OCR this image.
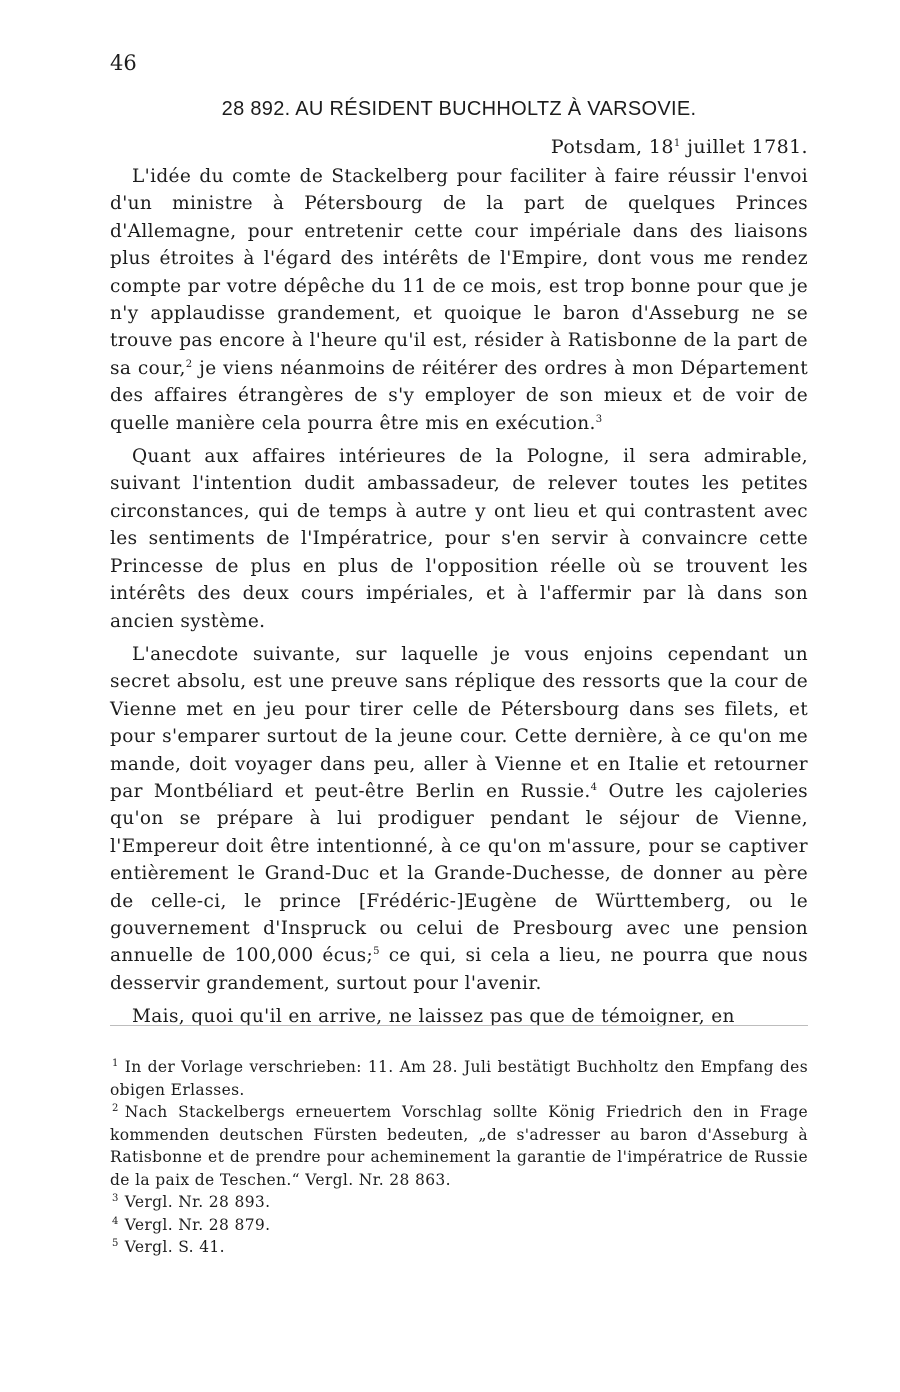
46
28 892. AU RÉSIDENT BUCHHOLTZ À VARSOVIE.
Potsdam, $18^1$ juillet 1781.

L'idée du comte de Stackelberg pour faciliter à faire réussir l'envoi d'un ministre à Pétersbourg de la part de quelques Princes d'Allemagne, pour entretenir cette cour impériale dans des liaisons plus étroites à l'égard des intérêts de l'Empire, dont vous me rendez compte par votre dépêche du 11 de ce mois, est trop bonne pour que je n'y applaudisse grandement, et quoique le baron d'Asseburg ne se trouve pas encore à l'heure qu'il est, résider à Ratisbonne de la part de sa cour,$^2$ je viens néanmoins de réitérer des ordres à mon Département des affaires étrangères de s'y employer de son mieux et de voir de quelle manière cela pourra être mis en exécution.$^3$

Quant aux affaires intérieures de la Pologne, il sera admirable, suivant l'intention dudit ambassadeur, de relever toutes les petites circonstances, qui de temps à autre y ont lieu et qui contrastent avec les sentiments de l'Impératrice, pour s'en servir à convaincre cette Princesse de plus en plus de l'opposition réelle où se trouvent les intérêts des deux cours impériales, et à l'affermir par là dans son ancien système.

L'anecdote suivante, sur laquelle je vous enjoins cependant un secret absolu, est une preuve sans réplique des ressorts que la cour de Vienne met en jeu pour tirer celle de Pétersbourg dans ses filets, et pour s'emparer surtout de la jeune cour. Cette dernière, à ce qu'on me mande, doit voyager dans peu, aller à Vienne et en Italie et retourner par Montbéliard et peut-être Berlin en Russie.$^4$ Outre les cajoleries qu'on se prépare à lui prodiguer pendant le séjour de Vienne, l'Empereur doit être intentionné, à ce qu'on m'assure, pour se captiver entièrement le Grand-Duc et la Grande-Duchesse, de donner au père de celle-ci, le prince [Frédéric-]Eugène de Württemberg, ou le gouvernement d'Inspruck ou celui de Presbourg avec une pension annuelle de 100,000 écus;$^5$ ce qui, si cela a lieu, ne pourra que nous desservir grandement, surtout pour l'avenir.

Mais, quoi qu'il en arrive, ne laissez pas que de témoigner, en

$^1$ In der Vorlage verschrieben: 11. Am 28. Juli bestätigt Buchholtz den Empfang des obigen Erlasses.

$^2$ Nach Stackelbergs erneuertem Vorschlag sollte König Friedrich den in Frage kommenden deutschen Fürsten bedeuten, „de s'adresser au baron d'Asseburg à Ratisbonne et de prendre pour acheminement la garantie de l'impératrice de Russie de la paix de Teschen.“ Vergl. Nr. 28 863.

$^3$ Vergl. Nr. 28 893.

$^4$ Vergl. Nr. 28 879.

$^5$ Vergl. S. 41.
